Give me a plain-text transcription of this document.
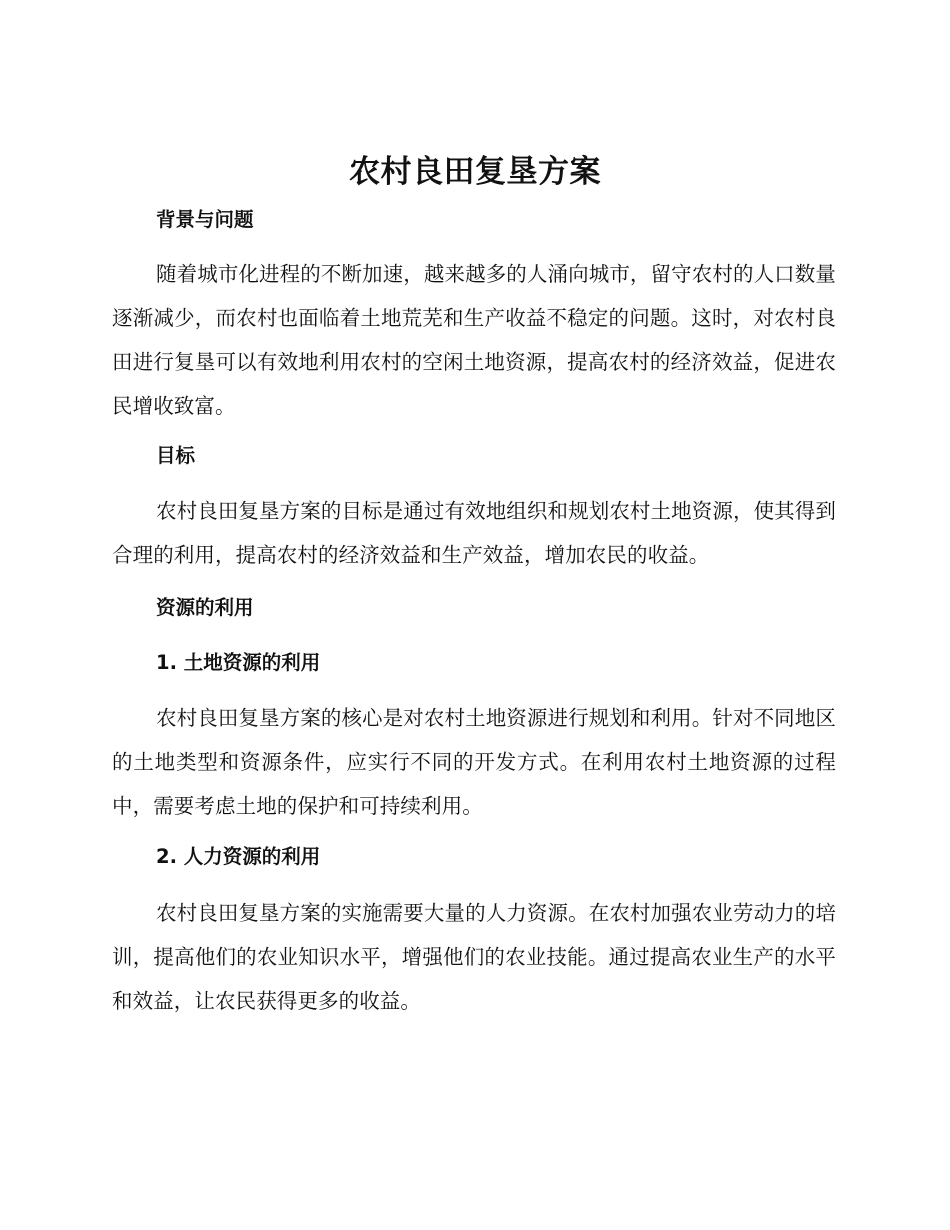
农村良田复垦方案
背景与问题

随着城市化进程的不断加速，越来越多的人涌向城市，留守农村的人口数量逐渐减少，而农村也面临着土地荒芜和生产收益不稳定的问题。这时，对农村良田进行复垦可以有效地利用农村的空闲土地资源，提高农村的经济效益，促进农民增收致富。

目标

农村良田复垦方案的目标是通过有效地组织和规划农村土地资源，使其得到合理的利用，提高农村的经济效益和生产效益，增加农民的收益。

资源的利用
1. 土地资源的利用

农村良田复垦方案的核心是对农村土地资源进行规划和利用。针对不同地区的土地类型和资源条件，应实行不同的开发方式。在利用农村土地资源的过程中，需要考虑土地的保护和可持续利用。

2. 人力资源的利用

农村良田复垦方案的实施需要大量的人力资源。在农村加强农业劳动力的培训，提高他们的农业知识水平，增强他们的农业技能。通过提高农业生产的水平和效益，让农民获得更多的收益。
